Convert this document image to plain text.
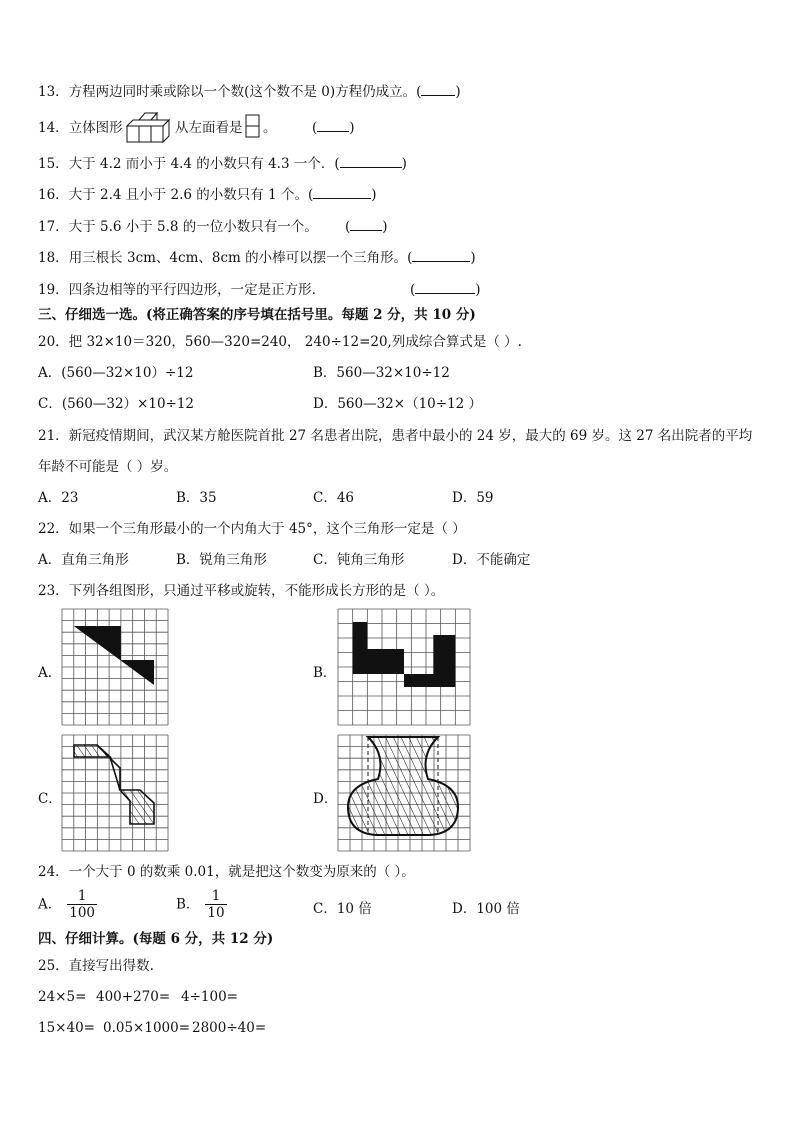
13．方程两边同时乘或除以一个数(这个数不是 0)方程仍成立。(	)
14．立体图形	从左面看是 。	( )
15．大于 4.2 而小于 4.4 的小数只有 4.3 一个．(	)
16．大于 2.4 且小于 2.6 的小数只有 1 个。(	)
17．大于 5.6 小于 5.8 的一位小数只有一个。 ( )
18．用三根长 3cm、4cm、8cm 的小棒可以摆一个三角形。(	)
19．四条边相等的平行四边形，一定是正方形．	(	)
三、仔细选一选。(将正确答案的序号填在括号里。每题 2 分，共 10 分)
20．把 32×10＝320，560—320=240， 240÷12=20,列成综合算式是（ ）.
A．(560—32×10）÷12	B．560—32×10÷12
C．(560—32）×10÷12	D．560—32×（10÷12 ）
21．新冠疫情期间，武汉某方舱医院首批 27 名患者出院，患者中最小的 24 岁，最大的 69 岁。这 27 名出院者的平均
年龄不可能是（ ）岁。
A．23	B．35	C．46	D．59
22．如果一个三角形最小的一个内角大于 45°，这个三角形一定是（ ）
A．直角三角形	B．锐角三角形	C．钝角三角形	D．不能确定
23．下列各组图形，只通过平移或旋转，不能形成长方形的是（ ）。
A．	B．
C．	D．
24．一个大于 0 的数乘 0.01，就是把这个数变为原来的（ ）。
A． $\frac{1}{100}$	B． $\frac{1}{10}$	C．10 倍	D．100 倍
四、仔细计算。(每题 6 分，共 12 分)
25．直接写出得数.
24×5= 400+270= 4÷100=
15×40= 0.05×1000= 2800÷40=
